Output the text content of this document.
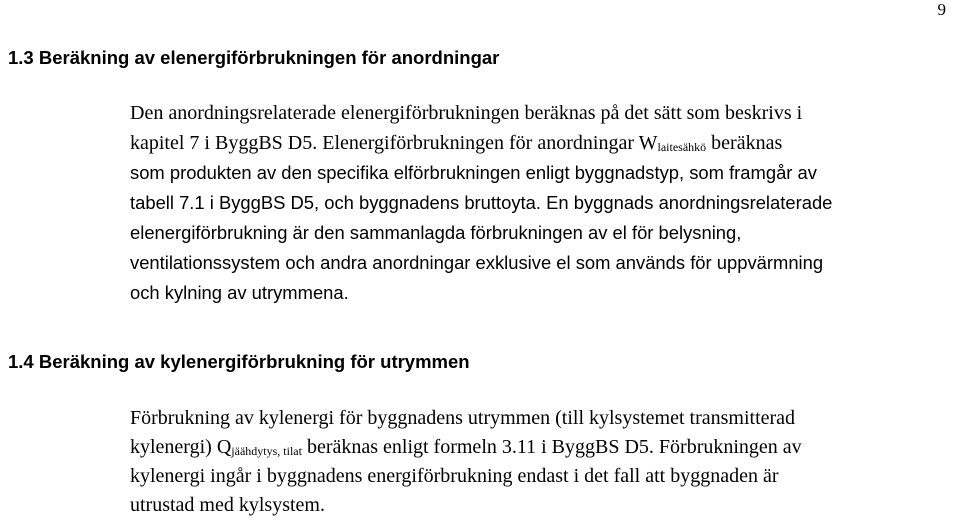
9
1.3 Beräkning av elenergiförbrukningen för anordningar
Den anordningsrelaterade elenergiförbrukningen beräknas på det sätt som beskrivs i
kapitel 7 i ByggBS D5. Elenergiförbrukningen för anordningar $W_{laitesähkö}$ beräknas
som produkten av den specifika elförbrukningen enligt byggnadstyp, som framgår av
tabell 7.1 i ByggBS D5, och byggnadens bruttoyta. En byggnads anordningsrelaterade
elenergiförbrukning är den sammanlagda förbrukningen av el för belysning,
ventilationssystem och andra anordningar exklusive el som används för uppvärmning
och kylning av utrymmena.
1.4 Beräkning av kylenergiförbrukning för utrymmen
Förbrukning av kylenergi för byggnadens utrymmen (till kylsystemet transmitterad
kylenergi) $Q_{jäähdytys, tilat}$ beräknas enligt formeln 3.11 i ByggBS D5. Förbrukningen av
kylenergi ingår i byggnadens energiförbrukning endast i det fall att byggnaden är
utrustad med kylsystem.
